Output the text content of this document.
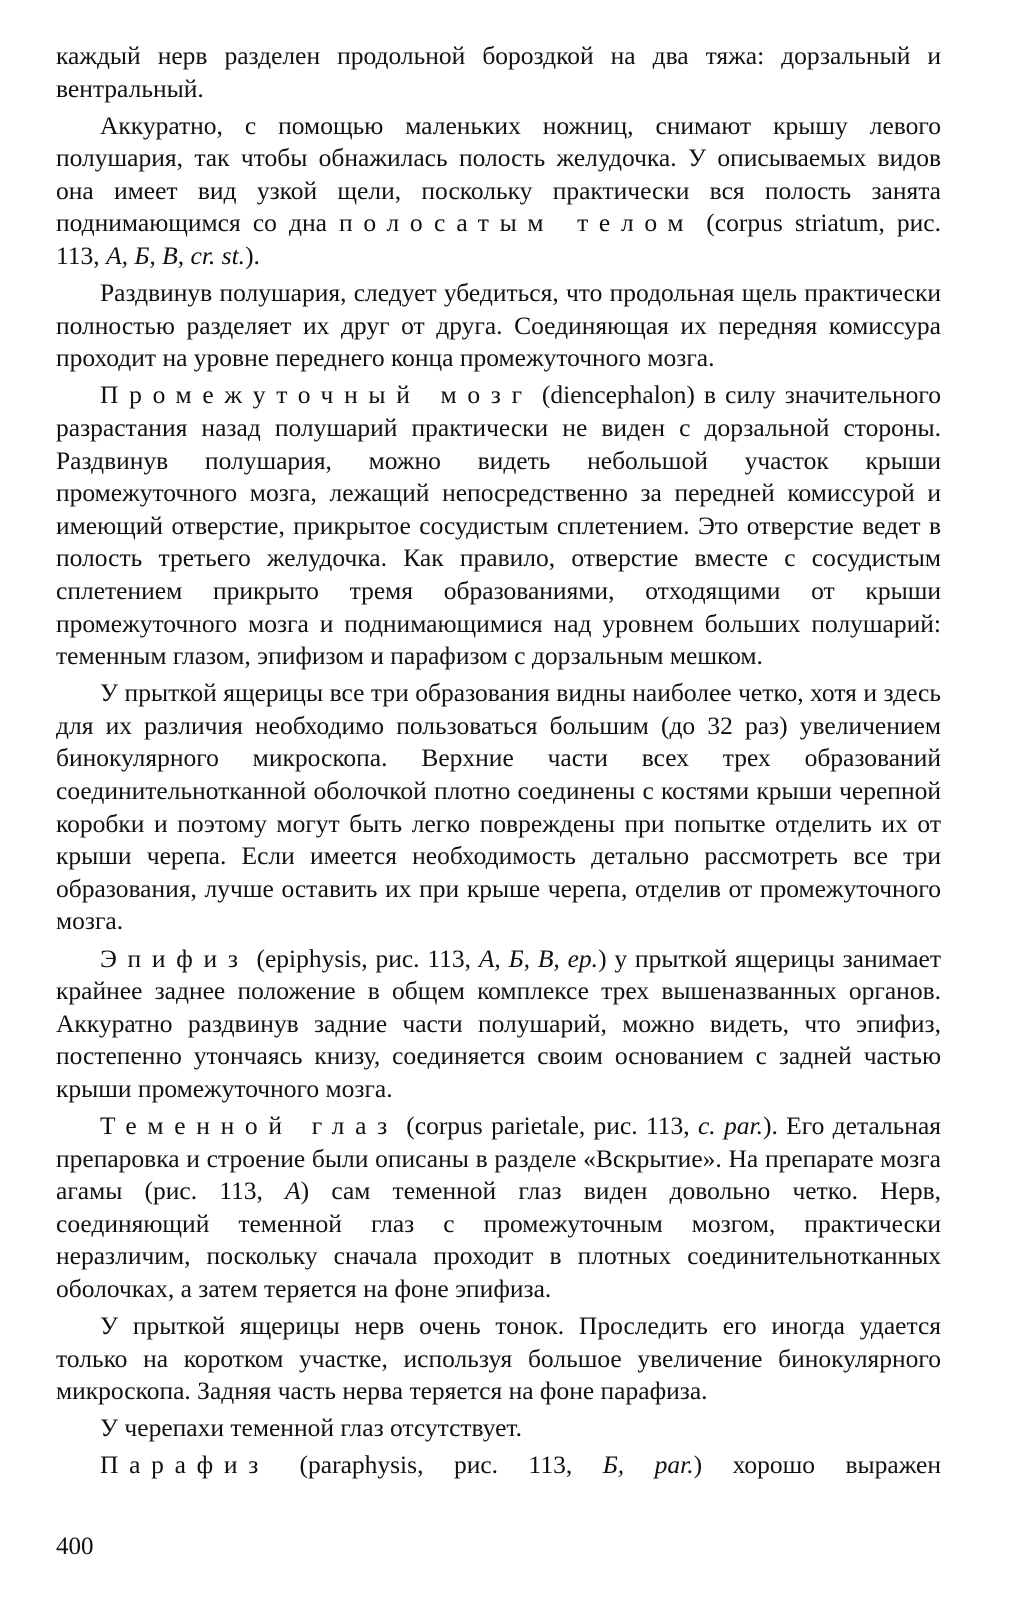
каждый нерв разделен продольной бороздкой на два тяжа: дорзальный и вентральный.

Аккуратно, с помощью маленьких ножниц, снимают крышу левого полушария, так чтобы обнажилась полость желудочка. У описываемых видов она имеет вид узкой щели, поскольку практически вся полость занята поднимающимся со дна полосатым телом (corpus striatum, рис. 113, А, Б, В, cr. st.).

Раздвинув полушария, следует убедиться, что продольная щель практически полностью разделяет их друг от друга. Соединяющая их передняя комиссура проходит на уровне переднего конца промежуточного мозга.

Промежуточный мозг (diencephalon) в силу значительного разрастания назад полушарий практически не виден с дорзальной стороны. Раздвинув полушария, можно видеть небольшой участок крыши промежуточного мозга, лежащий непосредственно за передней комиссурой и имеющий отверстие, прикрытое сосудистым сплетением. Это отверстие ведет в полость третьего желудочка. Как правило, отверстие вместе с сосудистым сплетением прикрыто тремя образованиями, отходящими от крыши промежуточного мозга и поднимающимися над уровнем больших полушарий: теменным глазом, эпифизом и парафизом с дорзальным мешком.

У прыткой ящерицы все три образования видны наиболее четко, хотя и здесь для их различия необходимо пользоваться большим (до 32 раз) увеличением бинокулярного микроскопа. Верхние части всех трех образований соединительнотканной оболочкой плотно соединены с костями крыши черепной коробки и поэтому могут быть легко повреждены при попытке отделить их от крыши черепа. Если имеется необходимость детально рассмотреть все три образования, лучше оставить их при крыше черепа, отделив от промежуточного мозга.

Эпифиз (epiphysis, рис. 113, А, Б, В, ep.) у прыткой ящерицы занимает крайнее заднее положение в общем комплексе трех вышеназванных органов. Аккуратно раздвинув задние части полушарий, можно видеть, что эпифиз, постепенно утончаясь книзу, соединяется своим основанием с задней частью крыши промежуточного мозга.

Теменной глаз (corpus parietale, рис. 113, c. par.). Его детальная препаровка и строение были описаны в разделе «Вскрытие». На препарате мозга агамы (рис. 113, А) сам теменной глаз виден довольно четко. Нерв, соединяющий теменной глаз с промежуточным мозгом, практически неразличим, поскольку сначала проходит в плотных соединительнотканных оболочках, а затем теряется на фоне эпифиза.

У прыткой ящерицы нерв очень тонок. Проследить его иногда удается только на коротком участке, используя большое увеличение бинокулярного микроскопа. Задняя часть нерва теряется на фоне парафиза.

У черепахи теменной глаз отсутствует.

Парафиз (paraphysis, рис. 113, Б, par.) хорошо выражен

400
